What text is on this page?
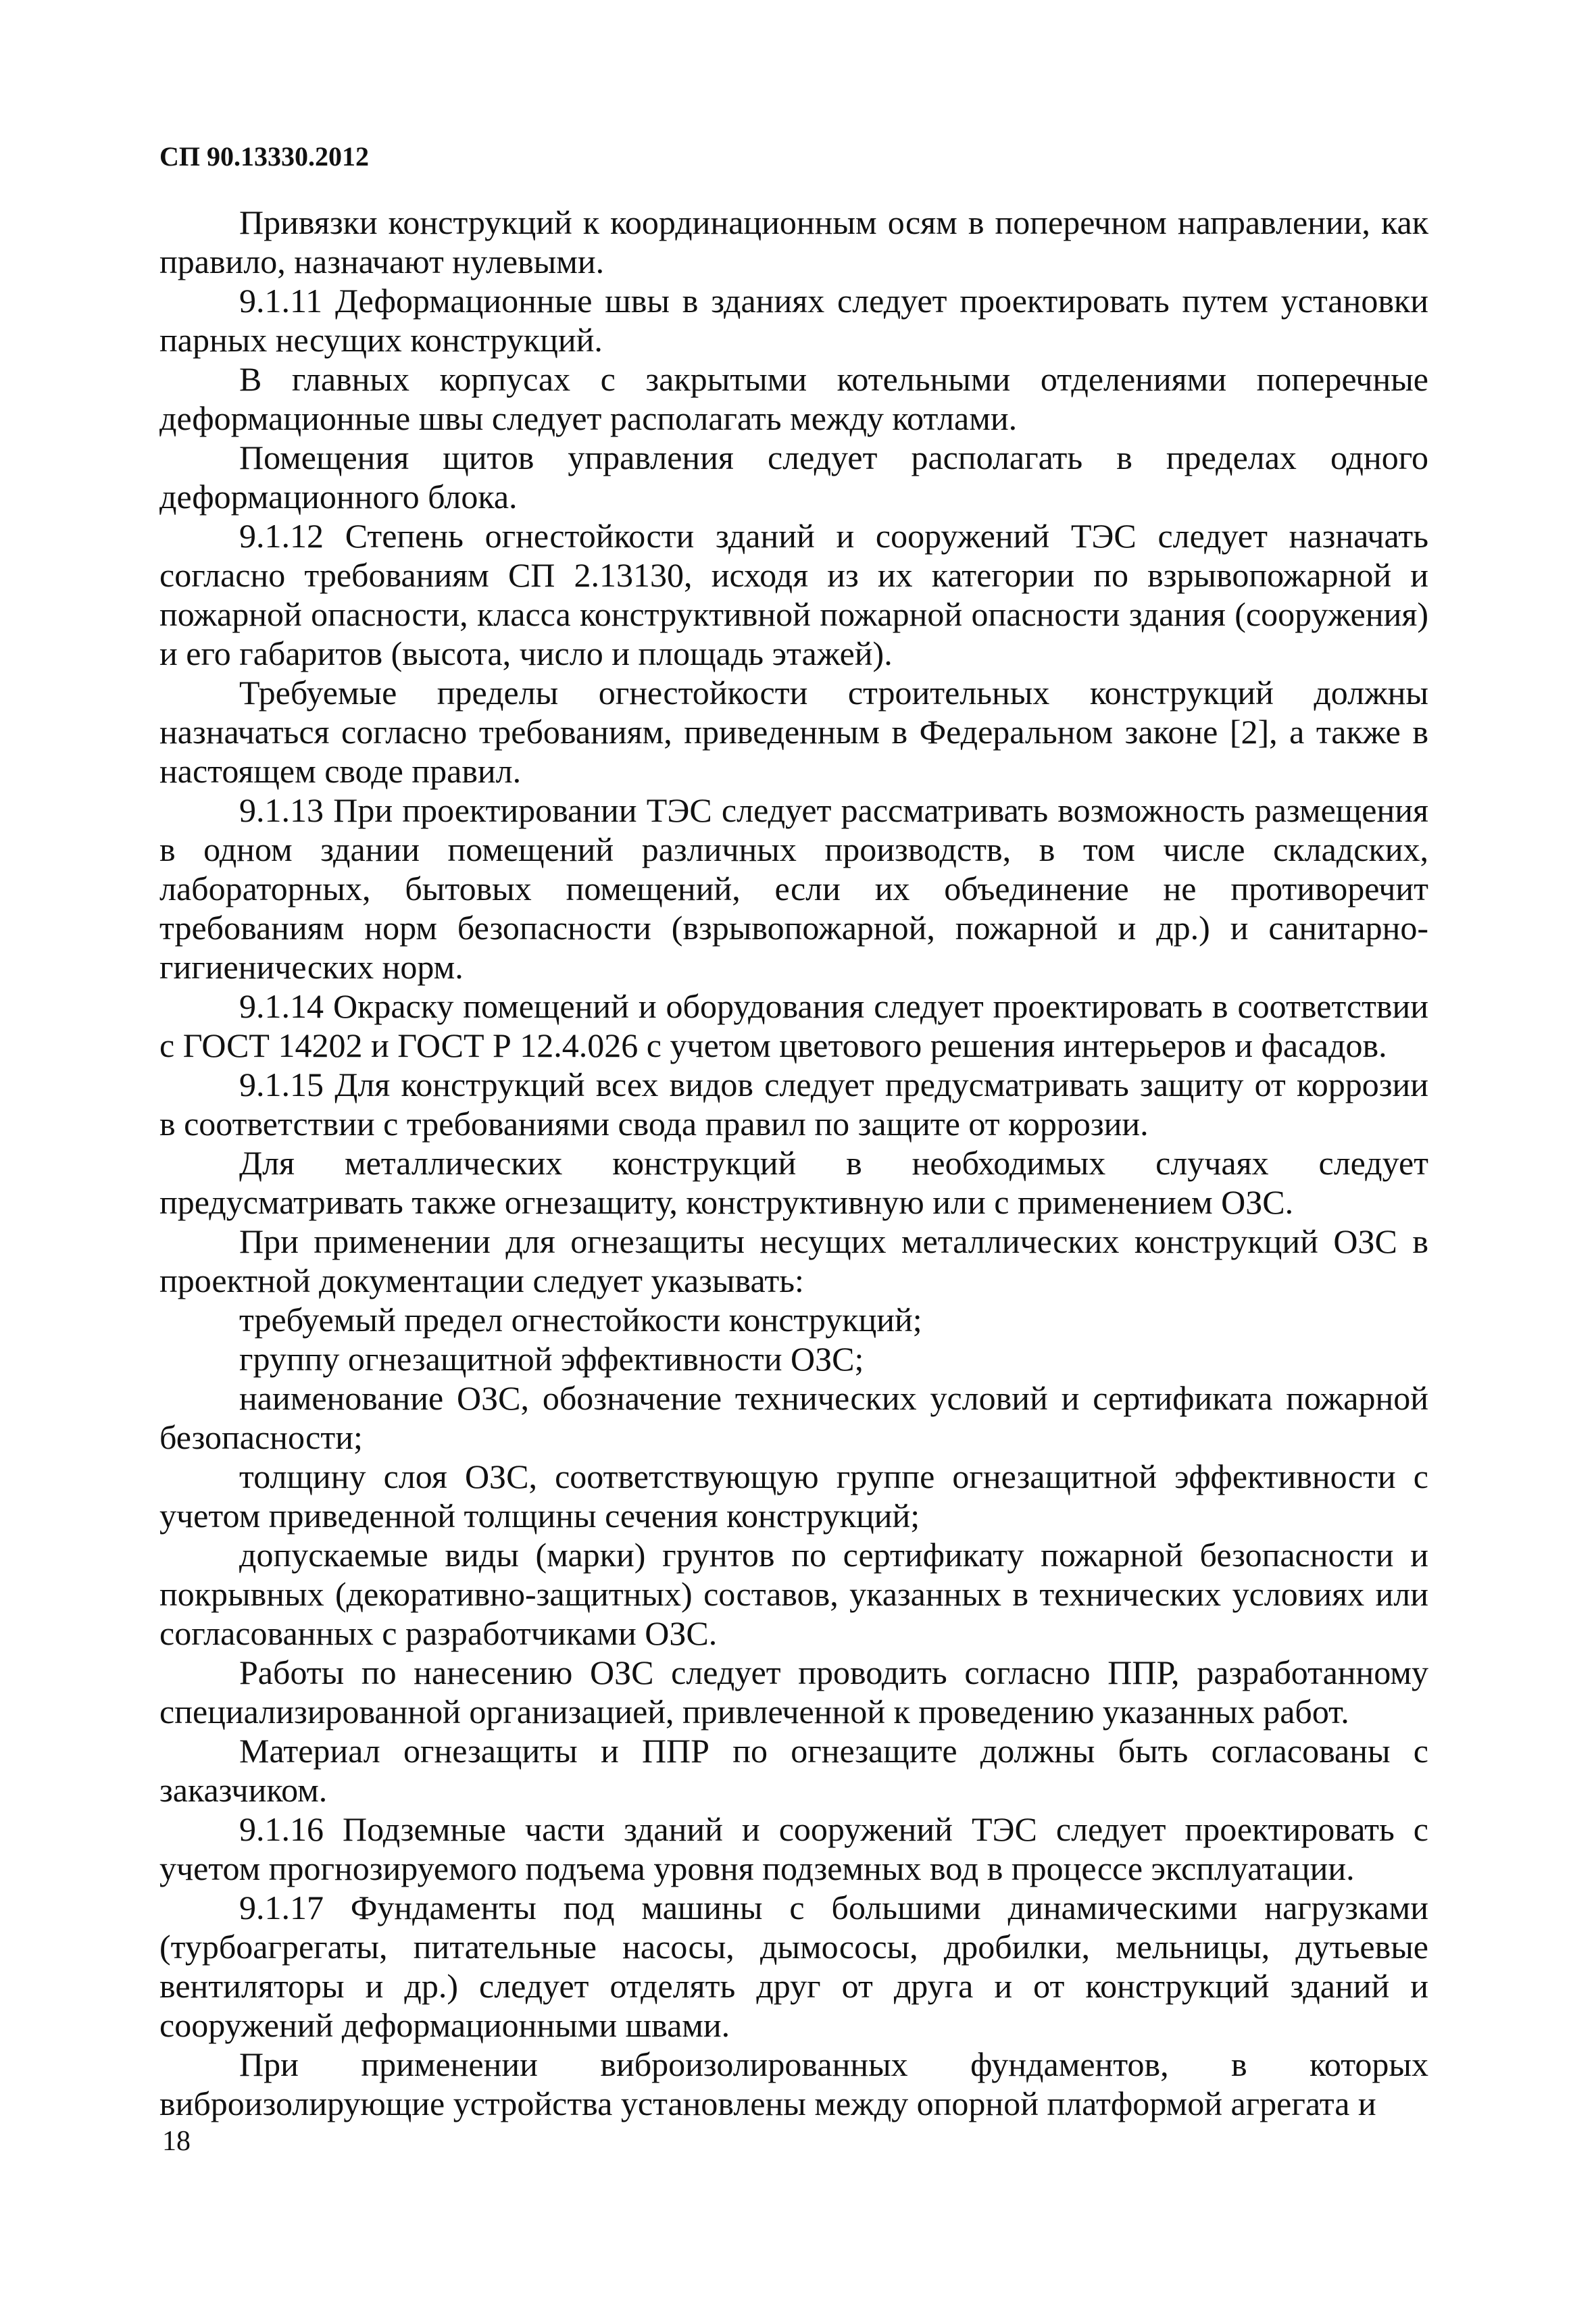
СП 90.13330.2012

Привязки конструкций к координационным осям в поперечном направлении, как правило, назначают нулевыми.

9.1.11 Деформационные швы в зданиях следует проектировать путем установки парных несущих конструкций.

В главных корпусах с закрытыми котельными отделениями поперечные деформационные швы следует располагать между котлами.

Помещения щитов управления следует располагать в пределах одного деформационного блока.

9.1.12 Степень огнестойкости зданий и сооружений ТЭС следует назначать согласно требованиям СП 2.13130, исходя из их категории по взрывопожарной и пожарной опасности, класса конструктивной пожарной опасности здания (сооружения) и его габаритов (высота, число и площадь этажей).

Требуемые пределы огнестойкости строительных конструкций должны назначаться согласно требованиям, приведенным в Федеральном законе [2], а также в настоящем своде правил.

9.1.13 При проектировании ТЭС следует рассматривать возможность размещения в одном здании помещений различных производств, в том числе складских, лабораторных, бытовых помещений, если их объединение не противоречит требованиям норм безопасности (взрывопожарной, пожарной и др.) и санитарно-гигиенических норм.

9.1.14 Окраску помещений и оборудования следует проектировать в соответствии с ГОСТ 14202 и ГОСТ Р 12.4.026 с учетом цветового решения интерьеров и фасадов.

9.1.15 Для конструкций всех видов следует предусматривать защиту от коррозии в соответствии с требованиями свода правил по защите от коррозии.

Для металлических конструкций в необходимых случаях следует предусматривать также огнезащиту, конструктивную или с применением ОЗС.

При применении для огнезащиты несущих металлических конструкций ОЗС в проектной документации следует указывать:

требуемый предел огнестойкости конструкций;

группу огнезащитной эффективности ОЗС;

наименование ОЗС, обозначение технических условий и сертификата пожарной безопасности;

толщину слоя ОЗС, соответствующую группе огнезащитной эффективности с учетом приведенной толщины сечения конструкций;

допускаемые виды (марки) грунтов по сертификату пожарной безопасности и покрывных (декоративно-защитных) составов, указанных в технических условиях или согласованных с разработчиками ОЗС.

Работы по нанесению ОЗС следует проводить согласно ППР, разработанному специализированной организацией, привлеченной к проведению указанных работ.

Материал огнезащиты и ППР по огнезащите должны быть согласованы с заказчиком.

9.1.16 Подземные части зданий и сооружений ТЭС следует проектировать с учетом прогнозируемого подъема уровня подземных вод в процессе эксплуатации.

9.1.17 Фундаменты под машины с большими динамическими нагрузками (турбоагрегаты, питательные насосы, дымососы, дробилки, мельницы, дутьевые вентиляторы и др.) следует отделять друг от друга и от конструкций зданий и сооружений деформационными швами.

При применении виброизолированных фундаментов, в которых виброизолирующие устройства установлены между опорной платформой агрегата и

18
